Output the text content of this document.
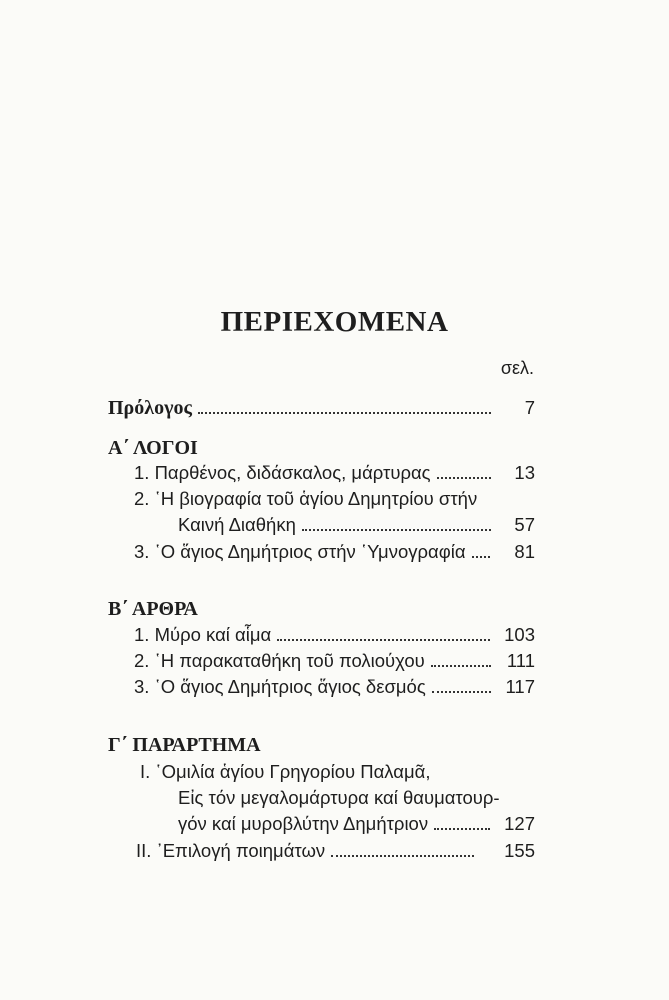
ΠΕΡΙΕΧΟΜΕΝΑ
σελ.
Πρόλογος	7
Α΄ ΛΟΓΟΙ
1. Παρθένος, διδάσκαλος, μάρτυρας	13
2. ῾Η βιογραφία τοῦ ἁγίου Δημητρίου στήν
Καινή Διαθήκη	57
3. ῾Ο ἅγιος Δημήτριος στήν ῾Υμνογραφία	81
Β΄ ΑΡΘΡΑ
1. Μύρο καί αἷμα	103
2. ῾Η παρακαταθήκη τοῦ πολιούχου	111
3. ῾Ο ἅγιος Δημήτριος ἅγιος δεσμός	117
Γ΄ ΠΑΡΑΡΤΗΜΑ
I. ῾Ομιλία ἁγίου Γρηγορίου Παλαμᾶ,
Εἰς τόν μεγαλομάρτυρα καί θαυματουρ-
γόν καί μυροβλύτην Δημήτριον	127
II. ᾿Επιλογή ποιημάτων	155
